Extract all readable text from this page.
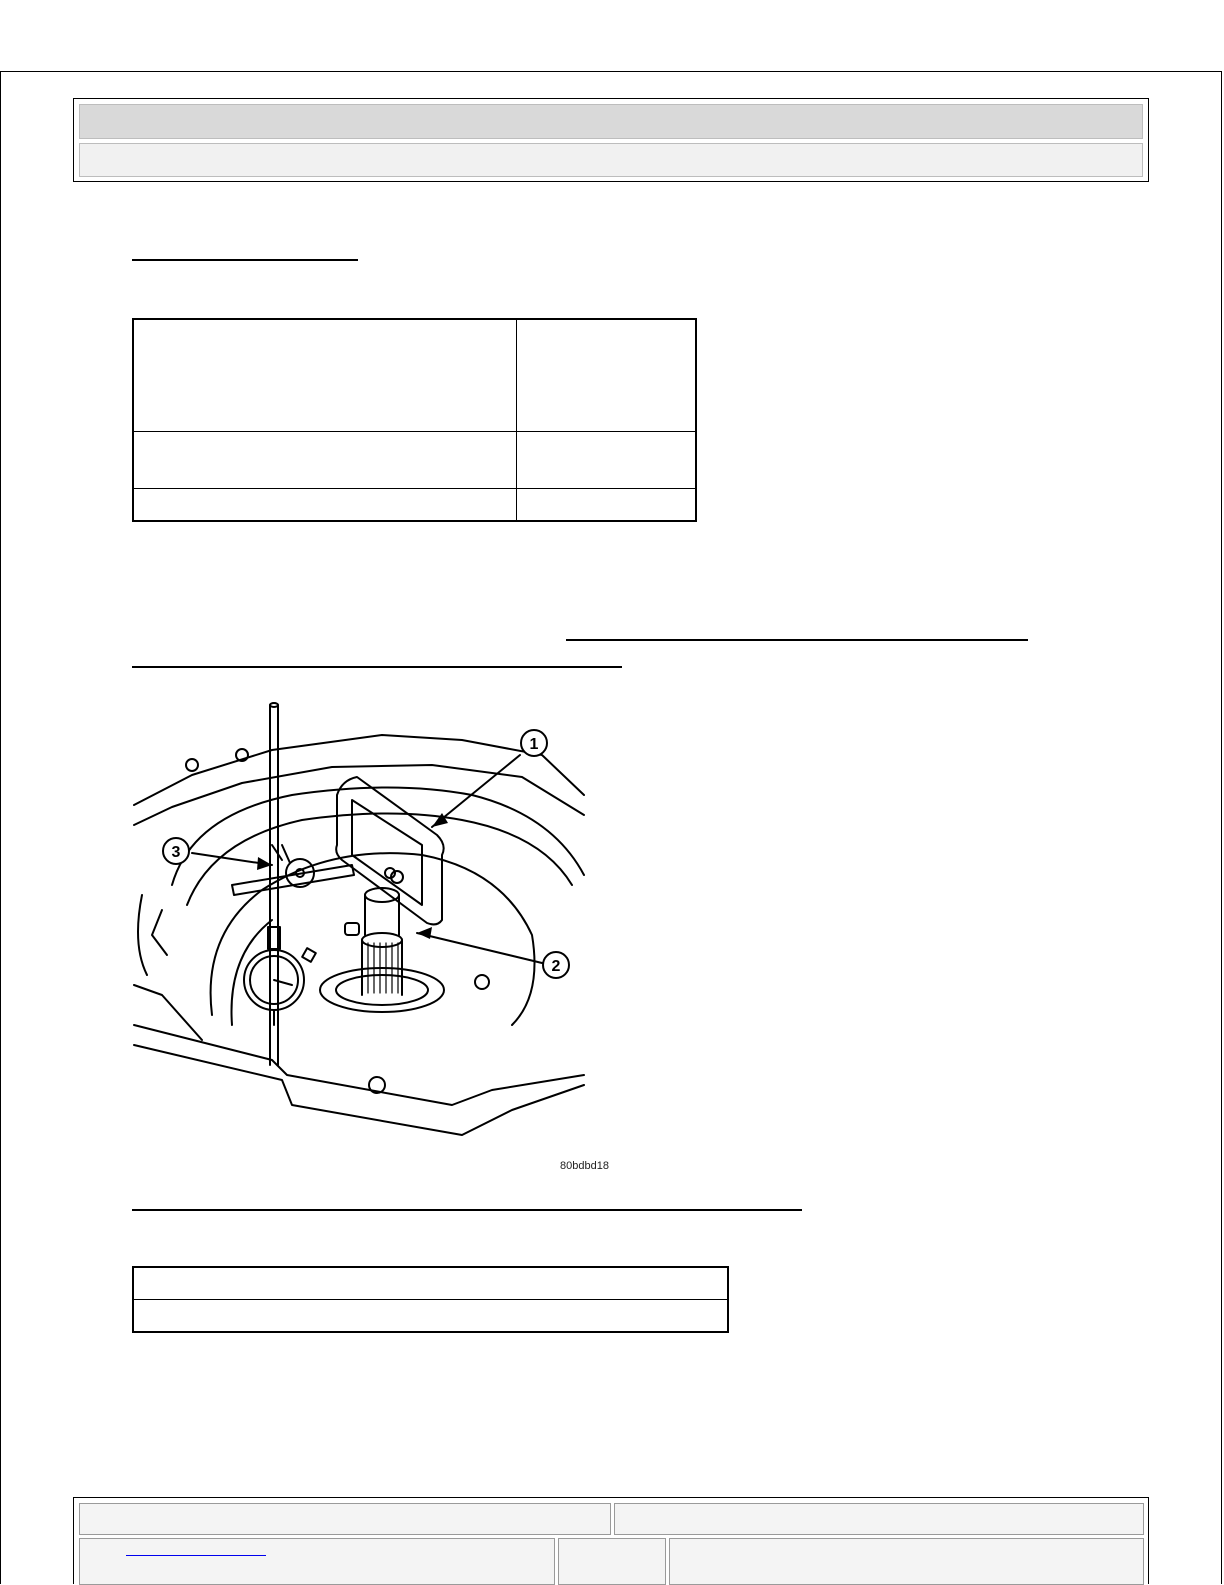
1
2
3
80bdbd18
